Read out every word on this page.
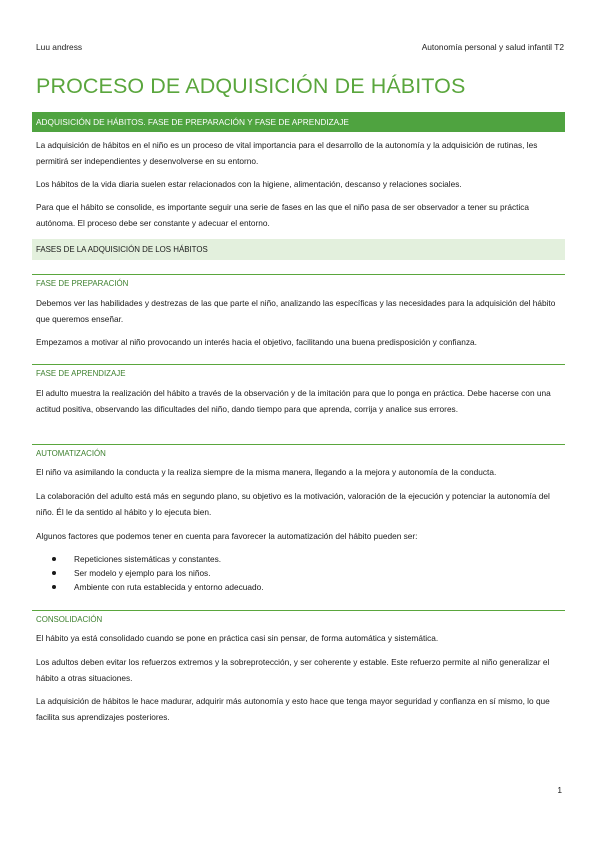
Luu andress	Autonomía personal y salud infantil T2
PROCESO DE ADQUISICIÓN DE HÁBITOS
ADQUISICIÓN DE HÁBITOS. FASE DE PREPARACIÓN Y FASE DE APRENDIZAJE
La adquisición de hábitos en el niño es un proceso de vital importancia para el desarrollo de la autonomía y la adquisición de rutinas, les permitirá ser independientes y desenvolverse en su entorno.
Los hábitos de la vida diaria suelen estar relacionados con la higiene, alimentación, descanso y relaciones sociales.
Para que el hábito se consolide, es importante seguir una serie de fases en las que el niño pasa de ser observador a tener su práctica autónoma. El proceso debe ser constante y adecuar el entorno.
FASES DE LA ADQUISICIÓN DE LOS HÁBITOS
FASE DE PREPARACIÓN
Debemos ver las habilidades y destrezas de las que parte el niño, analizando las específicas y las necesidades para la adquisición del hábito que queremos enseñar.
Empezamos a motivar al niño provocando un interés hacia el objetivo, facilitando una buena predisposición y confianza.
FASE DE APRENDIZAJE
El adulto muestra la realización del hábito a través de la observación y de la imitación para que lo ponga en práctica. Debe hacerse con una actitud positiva, observando las dificultades del niño, dando tiempo para que aprenda, corrija y analice sus errores.
AUTOMATIZACIÓN
El niño va asimilando la conducta y la realiza siempre de la misma manera, llegando a la mejora y autonomía de la conducta.
La colaboración del adulto está más en segundo plano, su objetivo es la motivación, valoración de la ejecución y potenciar la autonomía del niño. Él le da sentido al hábito y lo ejecuta bien.
Algunos factores que podemos tener en cuenta para favorecer la automatización del hábito pueden ser:
Repeticiones sistemáticas y constantes.
Ser modelo y ejemplo para los niños.
Ambiente con ruta establecida y entorno adecuado.
CONSOLIDACIÓN
El hábito ya está consolidado cuando se pone en práctica casi sin pensar, de forma automática y sistemática.
Los adultos deben evitar los refuerzos extremos y la sobreprotección, y ser coherente y estable. Este refuerzo permite al niño generalizar el hábito a otras situaciones.
La adquisición de hábitos le hace madurar, adquirir más autonomía y esto hace que tenga mayor seguridad y confianza en sí mismo, lo que facilita sus aprendizajes posteriores.
1
